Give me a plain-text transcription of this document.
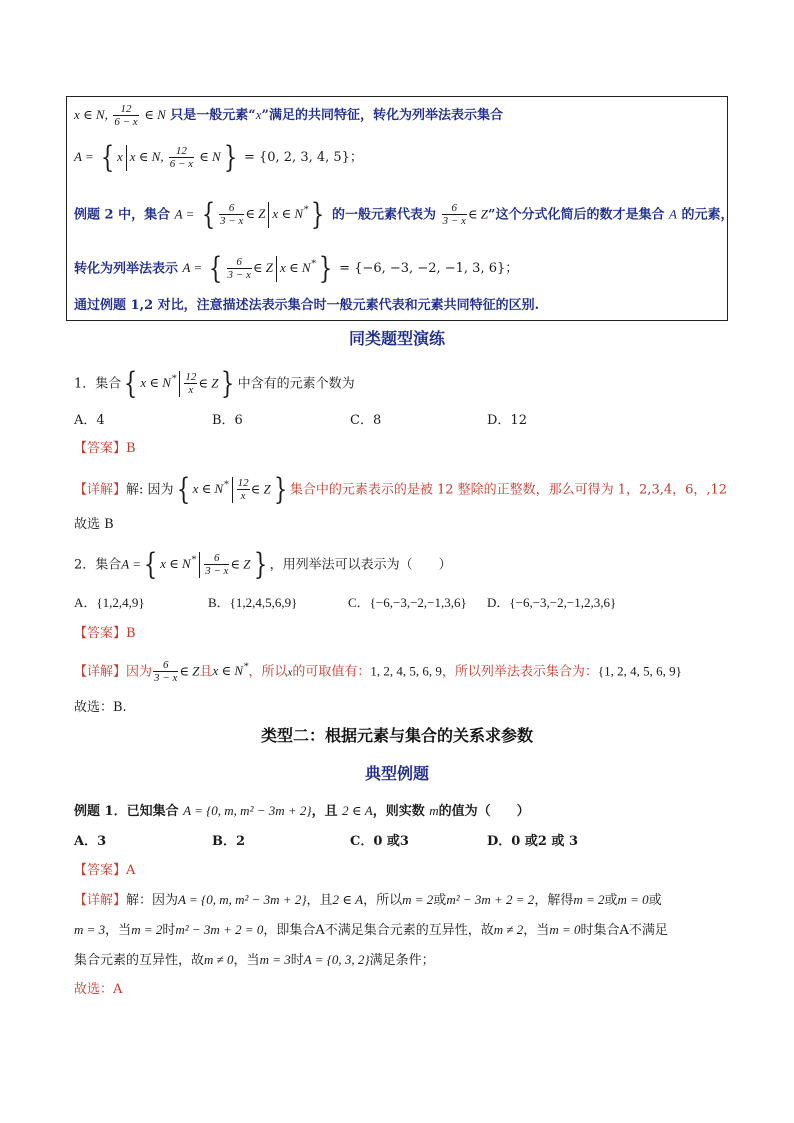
x ∈ N, $\frac{12}{6 - x}$ ∈ N 只是一般元素“x”满足的共同特征，转化为列举法表示集合
A = { x x ∈ N, $\frac{12}{6 - x}$ ∈ N} = {0, 2, 3, 4, 5}；
例题 2 中，集合 A = { $\frac{6}{3 - x}$ ∈ Z x ∈ N*} 的一般元素代表为 $\frac{6}{3 - x}$ ∈ Z”这个分式化简后的数才是集合 A 的元素，
转化为列举法表示 A = { $\frac{6}{3 - x}$ ∈ Z x ∈ N*} = {−6, −3, −2, −1, 3, 6}；
通过例题 1,2 对比，注意描述法表示集合时一般元素代表和元素共同特征的区别.
同类题型演练
1．集合{ x ∈ $N^* \frac{12}{x}$ ∈ Z} 中含有的元素个数为
A．4	B．6	C．8	D．12
【答案】B
【详解】解: 因为{ x ∈ $N^* \frac{12}{x}$ ∈ Z} 集合中的元素表示的是被 12 整除的正整数，那么可得为 1，2,3,4，6，,12
故选 B
2．集合A ={ x ∈ $N^* \frac{6}{3 - x}$ ∈ Z} ，用列举法可以表示为（　　）
A．{1,2,4,9}	B．{1,2,4,5,6,9}	C．{−6,−3,−2,−1,3,6} D．{−6,−3,−2,−1,2,3,6}
【答案】B
【详解】因为 $\frac{6}{3 - x}$ ∈ Z且x ∈ N*，所以x的可取值有：1, 2, 4, 5, 6, 9，所以列举法表示集合为：{1, 2, 4, 5, 6, 9}
故选：B.
类型二：根据元素与集合的关系求参数
典型例题
例题 1．已知集合 A = {0, m, m² − 3m + 2}，且 2 ∈ A，则实数 m的值为（　　）
A．3	B．2	C．0 或3	D．0 或2 或 3
【答案】A
【详解】解：因为A = {0, m, m² − 3m + 2}，且2 ∈ A，所以m = 2或m² − 3m + 2 = 2，解得m = 2或m = 0或
m = 3，当m = 2时m² − 3m + 2 = 0，即集合A不满足集合元素的互异性，故m ≠ 2，当m = 0时集合A不满足
集合元素的互异性，故m ≠ 0，当m = 3时A = {0, 3, 2}满足条件；
故选：A
